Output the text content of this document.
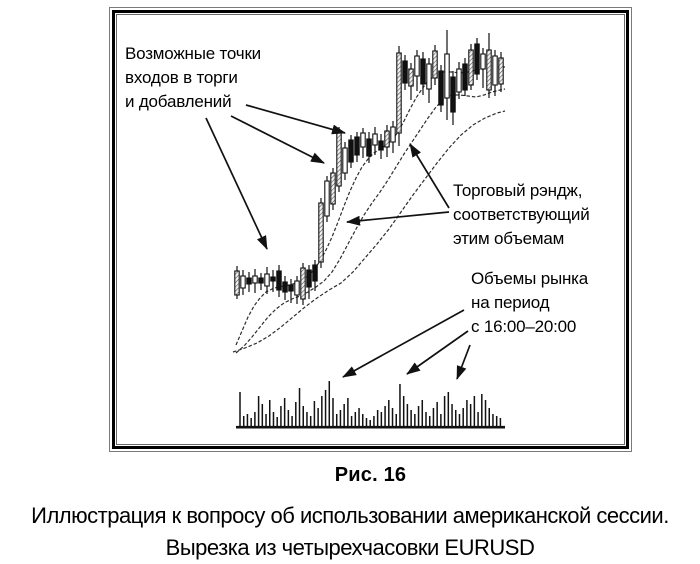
Возможные точки
входов в торги
и добавлений
Торговый рэндж,
соответствующий
этим объемам
Объемы рынка
на период
с 16:00–20:00
Рис. 16
Иллюстрация к вопросу об использовании американской сессии.
Вырезка из четырехчасовки EURUSD
